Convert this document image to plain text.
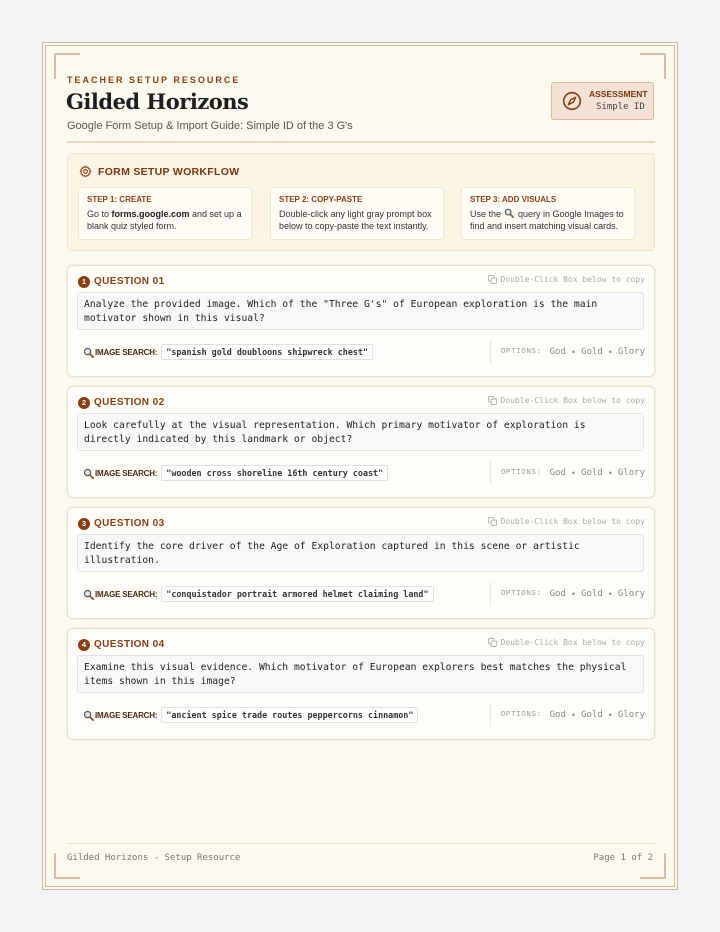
TEACHER SETUP RESOURCE
Gilded Horizons
Google Form Setup & Import Guide: Simple ID of the 3 G's
ASSESSMENT
Simple ID
FORM SETUP WORKFLOW
STEP 1: CREATE
Go to forms.google.com and set up a blank quiz styled form.
STEP 2: COPY-PASTE
Double-click any light gray prompt box below to copy-paste the text instantly.
STEP 3: ADD VISUALS
Use the  query in Google Images to find and insert matching visual cards.
1 QUESTION 01	Double-Click Box below to copy
Analyze the provided image. Which of the "Three G's" of European exploration is the main motivator shown in this visual?
IMAGE SEARCH:	"spanish gold doubloons shipwreck chest"	OPTIONS: God • Gold • Glory
2 QUESTION 02	Double-Click Box below to copy
Look carefully at the visual representation. Which primary motivator of exploration is directly indicated by this landmark or object?
IMAGE SEARCH:	"wooden cross shoreline 16th century coast"	OPTIONS: God • Gold • Glory
3 QUESTION 03	Double-Click Box below to copy
Identify the core driver of the Age of Exploration captured in this scene or artistic illustration.
IMAGE SEARCH:	"conquistador portrait armored helmet claiming land"	OPTIONS: God • Gold • Glory
4 QUESTION 04	Double-Click Box below to copy
Examine this visual evidence. Which motivator of European explorers best matches the physical items shown in this image?
IMAGE SEARCH:	"ancient spice trade routes peppercorns cinnamon"	OPTIONS: God • Gold • Glory
Gilded Horizons - Setup Resource	Page 1 of 2
